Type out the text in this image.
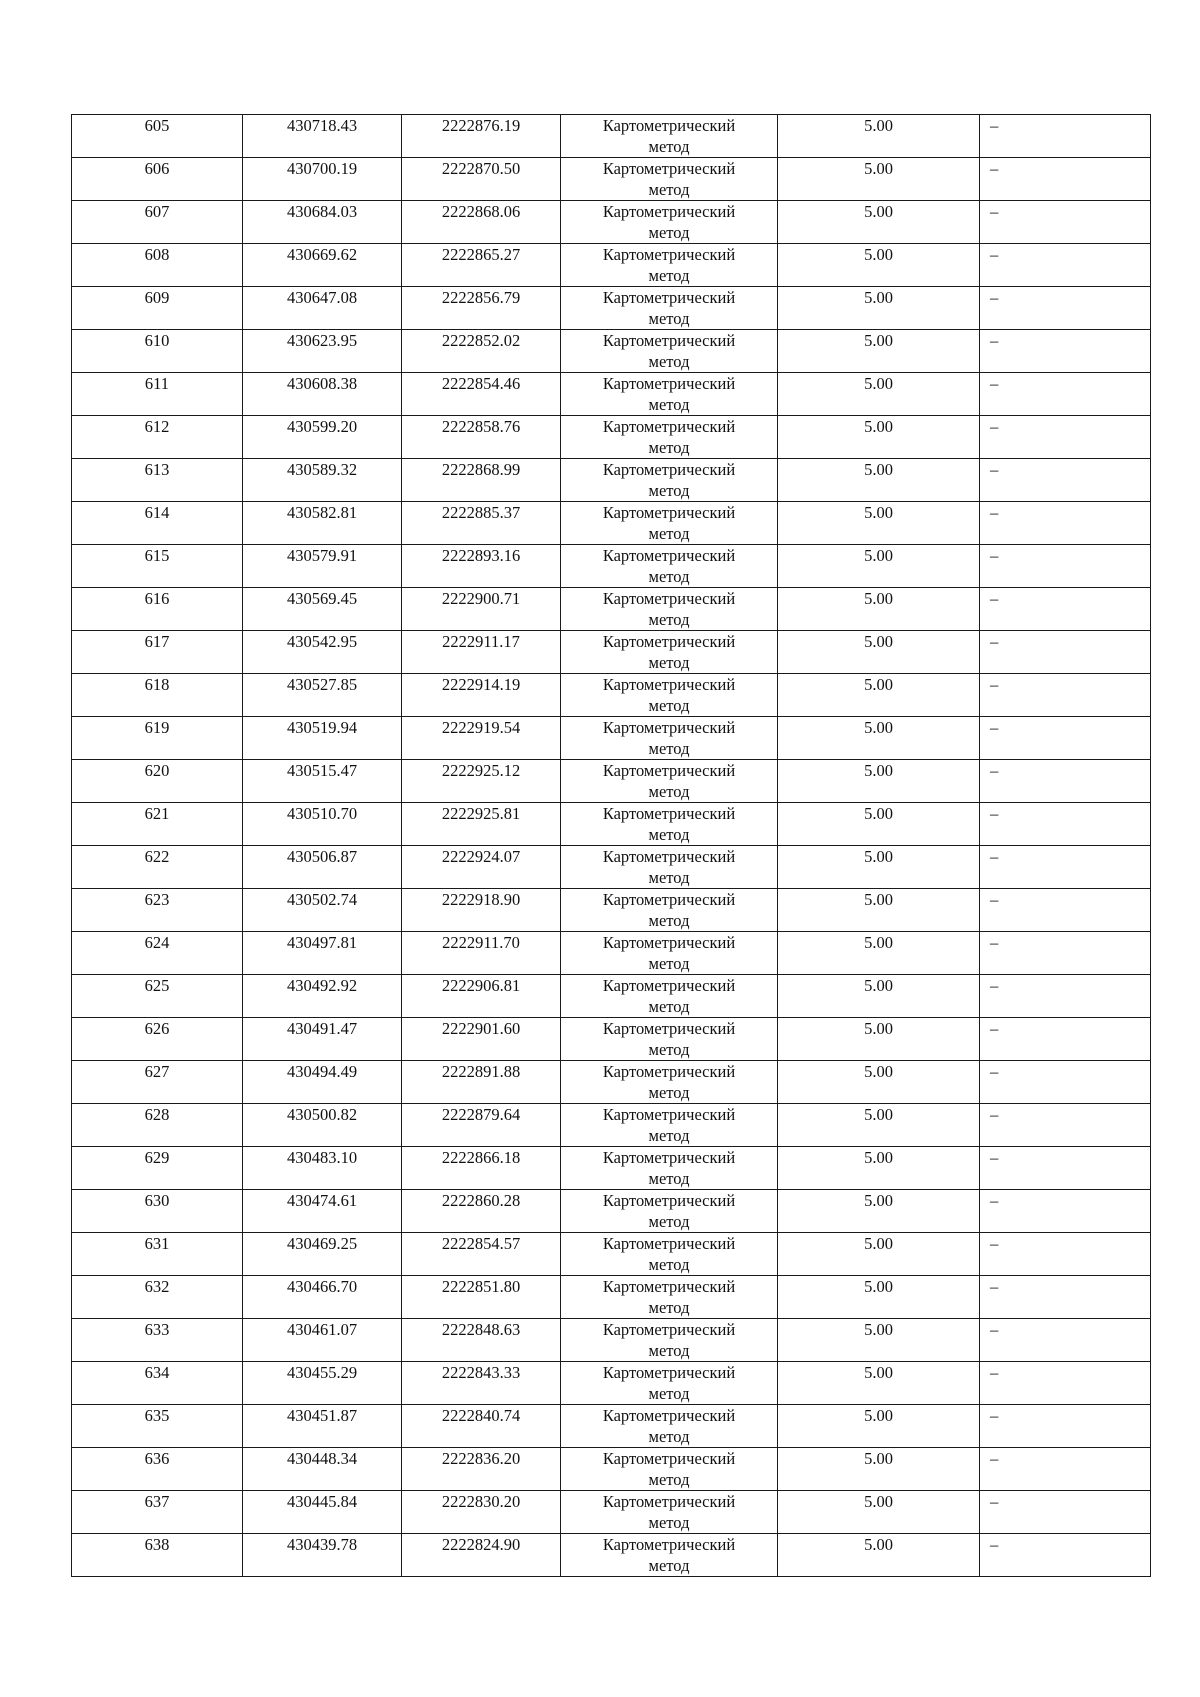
605	430718.43	2222876.19	Картометрический
метод	5.00	–
606	430700.19	2222870.50	Картометрический
метод	5.00	–
607	430684.03	2222868.06	Картометрический
метод	5.00	–
608	430669.62	2222865.27	Картометрический
метод	5.00	–
609	430647.08	2222856.79	Картометрический
метод	5.00	–
610	430623.95	2222852.02	Картометрический
метод	5.00	–
611	430608.38	2222854.46	Картометрический
метод	5.00	–
612	430599.20	2222858.76	Картометрический
метод	5.00	–
613	430589.32	2222868.99	Картометрический
метод	5.00	–
614	430582.81	2222885.37	Картометрический
метод	5.00	–
615	430579.91	2222893.16	Картометрический
метод	5.00	–
616	430569.45	2222900.71	Картометрический
метод	5.00	–
617	430542.95	2222911.17	Картометрический
метод	5.00	–
618	430527.85	2222914.19	Картометрический
метод	5.00	–
619	430519.94	2222919.54	Картометрический
метод	5.00	–
620	430515.47	2222925.12	Картометрический
метод	5.00	–
621	430510.70	2222925.81	Картометрический
метод	5.00	–
622	430506.87	2222924.07	Картометрический
метод	5.00	–
623	430502.74	2222918.90	Картометрический
метод	5.00	–
624	430497.81	2222911.70	Картометрический
метод	5.00	–
625	430492.92	2222906.81	Картометрический
метод	5.00	–
626	430491.47	2222901.60	Картометрический
метод	5.00	–
627	430494.49	2222891.88	Картометрический
метод	5.00	–
628	430500.82	2222879.64	Картометрический
метод	5.00	–
629	430483.10	2222866.18	Картометрический
метод	5.00	–
630	430474.61	2222860.28	Картометрический
метод	5.00	–
631	430469.25	2222854.57	Картометрический
метод	5.00	–
632	430466.70	2222851.80	Картометрический
метод	5.00	–
633	430461.07	2222848.63	Картометрический
метод	5.00	–
634	430455.29	2222843.33	Картометрический
метод	5.00	–
635	430451.87	2222840.74	Картометрический
метод	5.00	–
636	430448.34	2222836.20	Картометрический
метод	5.00	–
637	430445.84	2222830.20	Картометрический
метод	5.00	–
638	430439.78	2222824.90	Картометрический
метод	5.00	–
